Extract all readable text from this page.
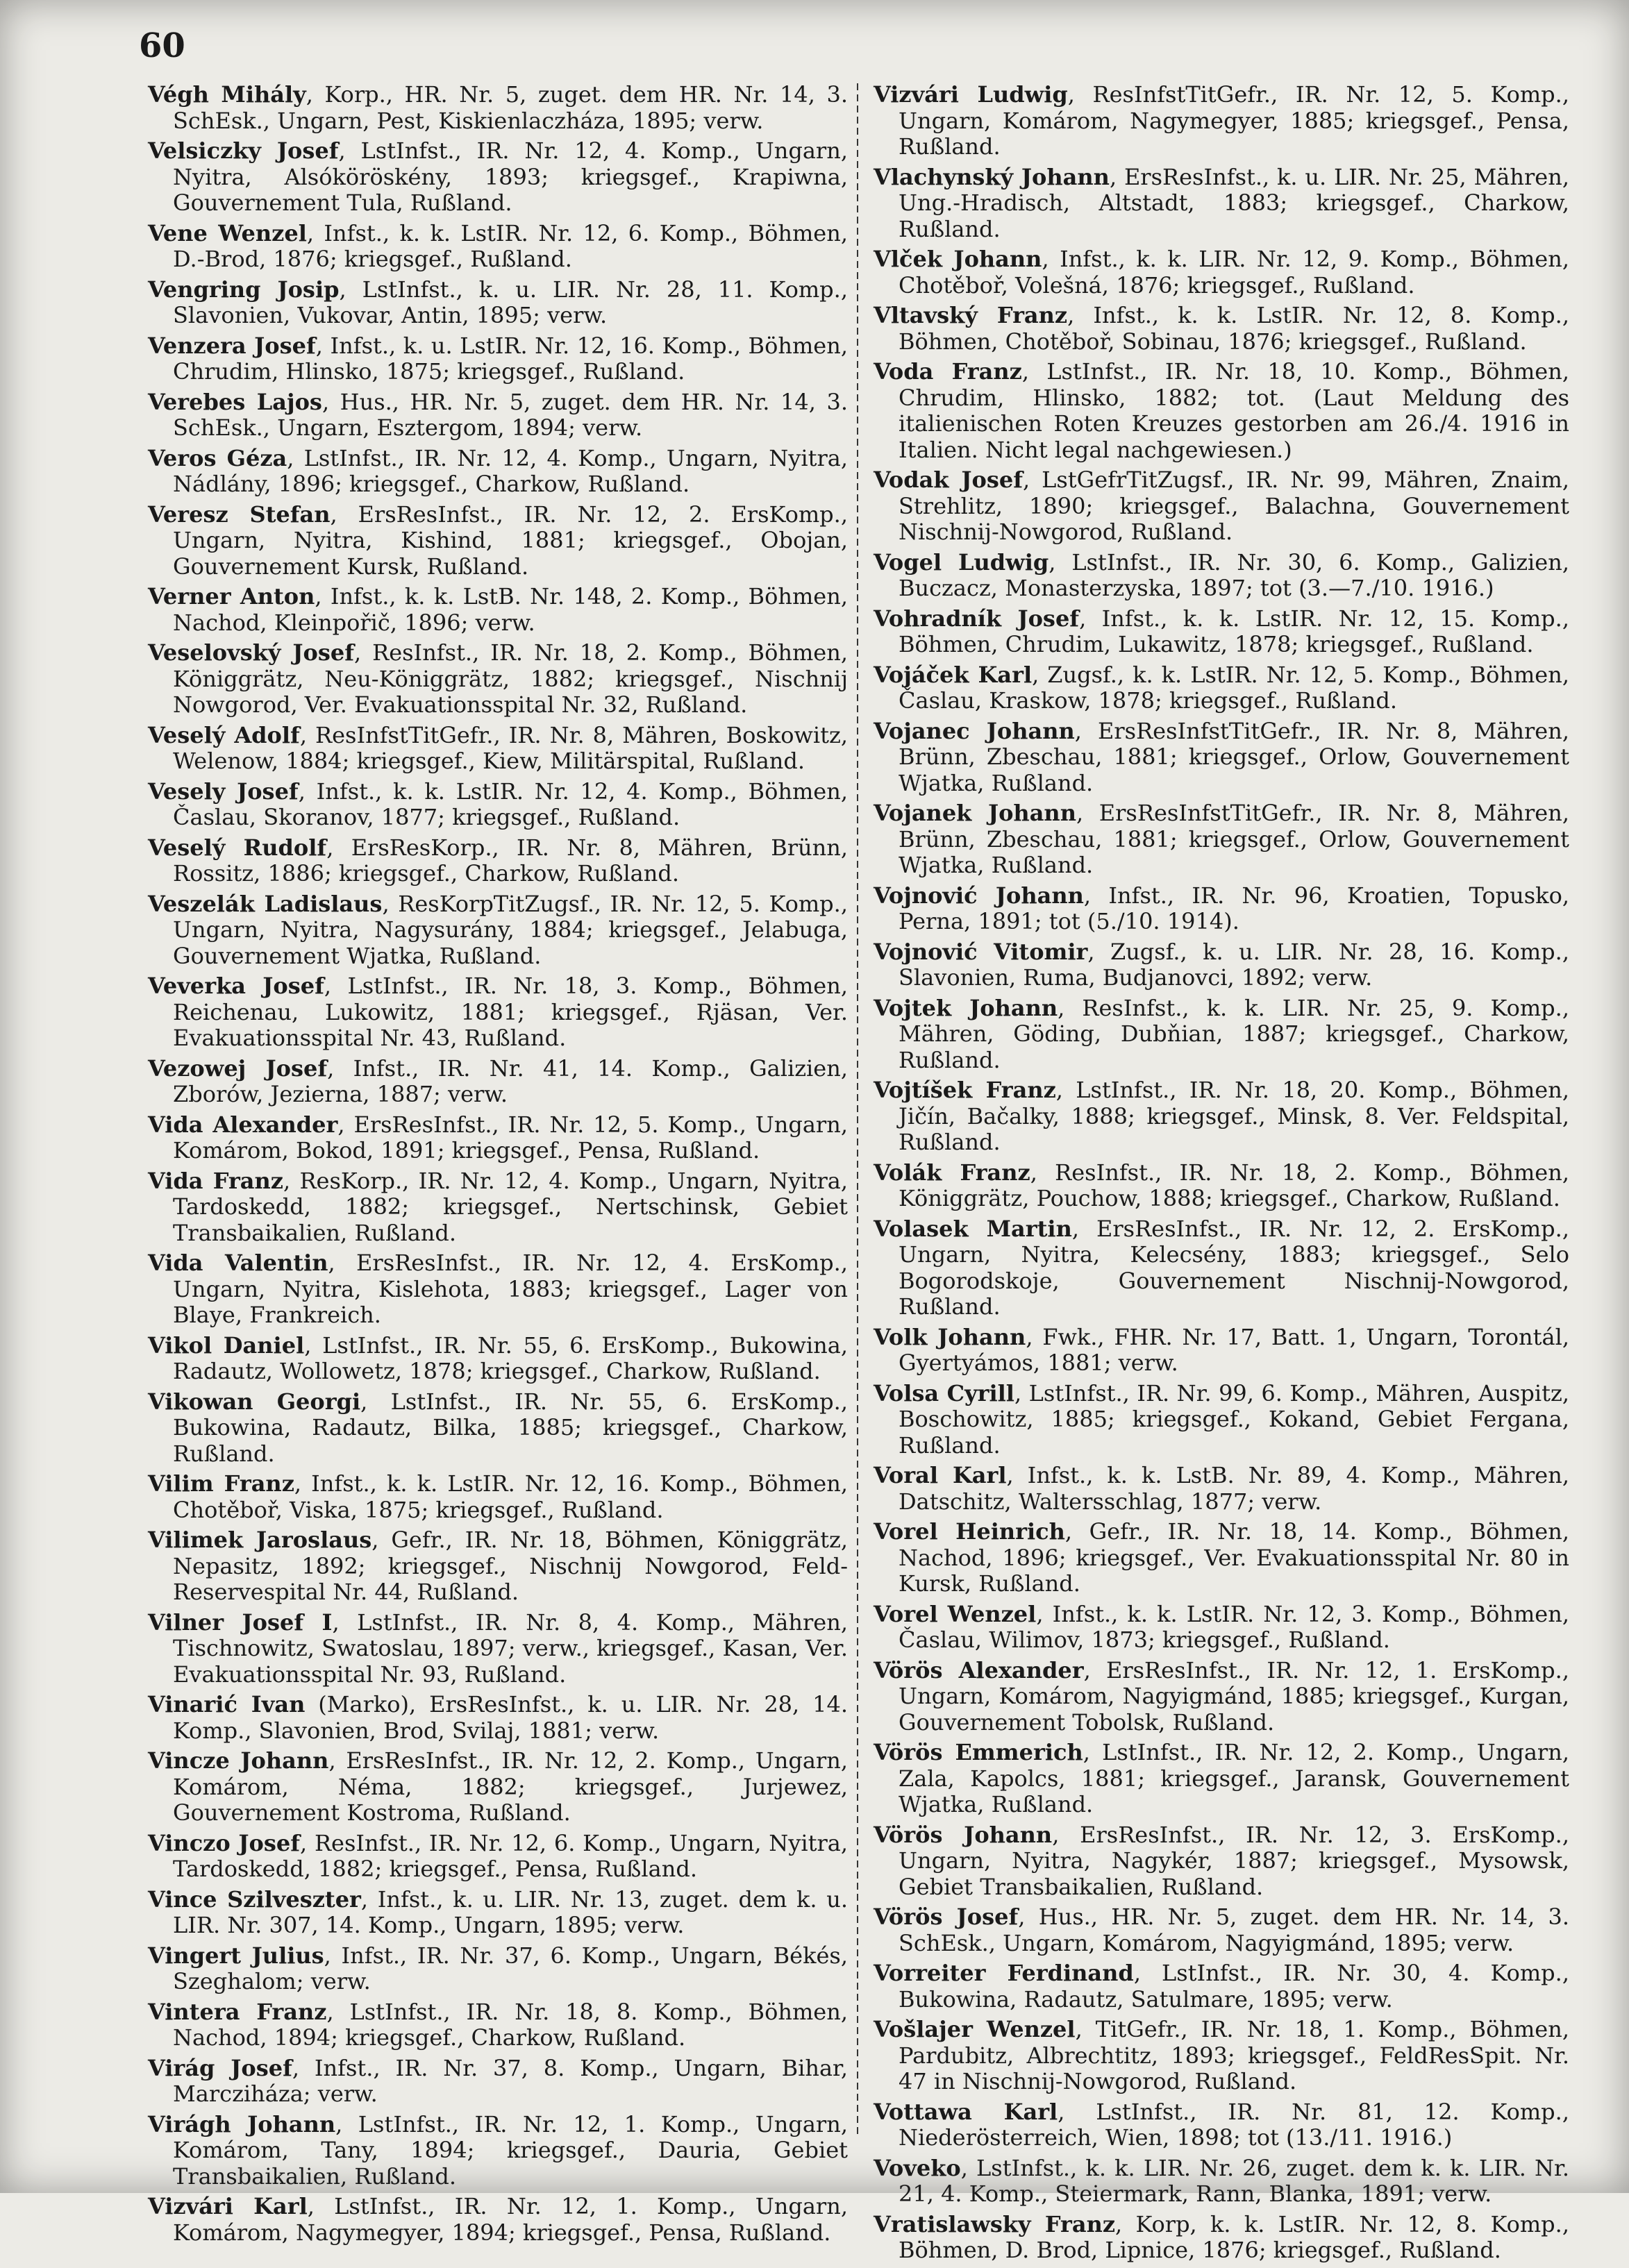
60

Végh Mihály, Korp., HR. Nr. 5, zuget. dem HR. Nr. 14, 3. SchEsk., Ungarn, Pest, Kiskienlaczháza, 1895; verw.

Velsiczky Josef, LstInfst., IR. Nr. 12, 4. Komp., Ungarn, Nyitra, Alsóköröskény, 1893; kriegsgef., Krapiwna, Gouvernement Tula, Rußland.

Vene Wenzel, Infst., k. k. LstIR. Nr. 12, 6. Komp., Böhmen, D.-Brod, 1876; kriegsgef., Rußland.

Vengring Josip, LstInfst., k. u. LIR. Nr. 28, 11. Komp., Slavonien, Vukovar, Antin, 1895; verw.

Venzera Josef, Infst., k. u. LstIR. Nr. 12, 16. Komp., Böhmen, Chrudim, Hlinsko, 1875; kriegsgef., Rußland.

Verebes Lajos, Hus., HR. Nr. 5, zuget. dem HR. Nr. 14, 3. SchEsk., Ungarn, Esztergom, 1894; verw.

Veros Géza, LstInfst., IR. Nr. 12, 4. Komp., Ungarn, Nyitra, Nádlány, 1896; kriegsgef., Charkow, Rußland.

Veresz Stefan, ErsResInfst., IR. Nr. 12, 2. ErsKomp., Ungarn, Nyitra, Kishind, 1881; kriegsgef., Obojan, Gouvernement Kursk, Rußland.

Verner Anton, Infst., k. k. LstB. Nr. 148, 2. Komp., Böhmen, Nachod, Kleinpořič, 1896; verw.

Veselovský Josef, ResInfst., IR. Nr. 18, 2. Komp., Böhmen, Königgrätz, Neu-Königgrätz, 1882; kriegsgef., Nischnij Nowgorod, Ver. Evakuationsspital Nr. 32, Rußland.

Veselý Adolf, ResInfstTitGefr., IR. Nr. 8, Mähren, Boskowitz, Welenow, 1884; kriegsgef., Kiew, Militärspital, Rußland.

Vesely Josef, Infst., k. k. LstIR. Nr. 12, 4. Komp., Böhmen, Časlau, Skoranov, 1877; kriegsgef., Rußland.

Veselý Rudolf, ErsResKorp., IR. Nr. 8, Mähren, Brünn, Rossitz, 1886; kriegsgef., Charkow, Rußland.

Veszelák Ladislaus, ResKorpTitZugsf., IR. Nr. 12, 5. Komp., Ungarn, Nyitra, Nagysurány, 1884; kriegsgef., Jelabuga, Gouvernement Wjatka, Rußland.

Veverka Josef, LstInfst., IR. Nr. 18, 3. Komp., Böhmen, Reichenau, Lukowitz, 1881; kriegsgef., Rjäsan, Ver. Evakuationsspital Nr. 43, Rußland.

Vezowej Josef, Infst., IR. Nr. 41, 14. Komp., Galizien, Zborów, Jezierna, 1887; verw.

Vida Alexander, ErsResInfst., IR. Nr. 12, 5. Komp., Ungarn, Komárom, Bokod, 1891; kriegsgef., Pensa, Rußland.

Vida Franz, ResKorp., IR. Nr. 12, 4. Komp., Ungarn, Nyitra, Tardoskedd, 1882; kriegsgef., Nertschinsk, Gebiet Transbaikalien, Rußland.

Vida Valentin, ErsResInfst., IR. Nr. 12, 4. ErsKomp., Ungarn, Nyitra, Kislehota, 1883; kriegsgef., Lager von Blaye, Frankreich.

Vikol Daniel, LstInfst., IR. Nr. 55, 6. ErsKomp., Bukowina, Radautz, Wollowetz, 1878; kriegsgef., Charkow, Rußland.

Vikowan Georgi, LstInfst., IR. Nr. 55, 6. ErsKomp., Bukowina, Radautz, Bilka, 1885; kriegsgef., Charkow, Rußland.

Vilim Franz, Infst., k. k. LstIR. Nr. 12, 16. Komp., Böhmen, Chotěboř, Viska, 1875; kriegsgef., Rußland.

Vilimek Jaroslaus, Gefr., IR. Nr. 18, Böhmen, Königgrätz, Nepasitz, 1892; kriegsgef., Nischnij Nowgorod, Feld-Reservespital Nr. 44, Rußland.

Vilner Josef I, LstInfst., IR. Nr. 8, 4. Komp., Mähren, Tischnowitz, Swatoslau, 1897; verw., kriegsgef., Kasan, Ver. Evakuationsspital Nr. 93, Rußland.

Vinarić Ivan (Marko), ErsResInfst., k. u. LIR. Nr. 28, 14. Komp., Slavonien, Brod, Svilaj, 1881; verw.

Vincze Johann, ErsResInfst., IR. Nr. 12, 2. Komp., Ungarn, Komárom, Néma, 1882; kriegsgef., Jurjewez, Gouvernement Kostroma, Rußland.

Vinczo Josef, ResInfst., IR. Nr. 12, 6. Komp., Ungarn, Nyitra, Tardoskedd, 1882; kriegsgef., Pensa, Rußland.

Vince Szilveszter, Infst., k. u. LIR. Nr. 13, zuget. dem k. u. LIR. Nr. 307, 14. Komp., Ungarn, 1895; verw.

Vingert Julius, Infst., IR. Nr. 37, 6. Komp., Ungarn, Békés, Szeghalom; verw.

Vintera Franz, LstInfst., IR. Nr. 18, 8. Komp., Böhmen, Nachod, 1894; kriegsgef., Charkow, Rußland.

Virág Josef, Infst., IR. Nr. 37, 8. Komp., Ungarn, Bihar, Marcziháza; verw.

Virágh Johann, LstInfst., IR. Nr. 12, 1. Komp., Ungarn, Komárom, Tany, 1894; kriegsgef., Dauria, Gebiet Transbaikalien, Rußland.

Vizvári Karl, LstInfst., IR. Nr. 12, 1. Komp., Ungarn, Komárom, Nagymegyer, 1894; kriegsgef., Pensa, Rußland.

Vizvári Ludwig, ResInfstTitGefr., IR. Nr. 12, 5. Komp., Ungarn, Komárom, Nagymegyer, 1885; kriegsgef., Pensa, Rußland.

Vlachynský Johann, ErsResInfst., k. u. LIR. Nr. 25, Mähren, Ung.-Hradisch, Altstadt, 1883; kriegsgef., Charkow, Rußland.

Vlček Johann, Infst., k. k. LIR. Nr. 12, 9. Komp., Böhmen, Chotěboř, Volešná, 1876; kriegsgef., Rußland.

Vltavský Franz, Infst., k. k. LstIR. Nr. 12, 8. Komp., Böhmen, Chotěboř, Sobinau, 1876; kriegsgef., Rußland.

Voda Franz, LstInfst., IR. Nr. 18, 10. Komp., Böhmen, Chrudim, Hlinsko, 1882; tot. (Laut Meldung des italienischen Roten Kreuzes gestorben am 26./4. 1916 in Italien. Nicht legal nachgewiesen.)

Vodak Josef, LstGefrTitZugsf., IR. Nr. 99, Mähren, Znaim, Strehlitz, 1890; kriegsgef., Balachna, Gouvernement Nischnij-Nowgorod, Rußland.

Vogel Ludwig, LstInfst., IR. Nr. 30, 6. Komp., Galizien, Buczacz, Monasterzyska, 1897; tot (3.—7./10. 1916.)

Vohradník Josef, Infst., k. k. LstIR. Nr. 12, 15. Komp., Böhmen, Chrudim, Lukawitz, 1878; kriegsgef., Rußland.

Vojáček Karl, Zugsf., k. k. LstIR. Nr. 12, 5. Komp., Böhmen, Časlau, Kraskow, 1878; kriegsgef., Rußland.

Vojanec Johann, ErsResInfstTitGefr., IR. Nr. 8, Mähren, Brünn, Zbeschau, 1881; kriegsgef., Orlow, Gouvernement Wjatka, Rußland.

Vojanek Johann, ErsResInfstTitGefr., IR. Nr. 8, Mähren, Brünn, Zbeschau, 1881; kriegsgef., Orlow, Gouvernement Wjatka, Rußland.

Vojnović Johann, Infst., IR. Nr. 96, Kroatien, Topusko, Perna, 1891; tot (5./10. 1914).

Vojnović Vitomir, Zugsf., k. u. LIR. Nr. 28, 16. Komp., Slavonien, Ruma, Budjanovci, 1892; verw.

Vojtek Johann, ResInfst., k. k. LIR. Nr. 25, 9. Komp., Mähren, Göding, Dubňian, 1887; kriegsgef., Charkow, Rußland.

Vojtíšek Franz, LstInfst., IR. Nr. 18, 20. Komp., Böhmen, Jičín, Bačalky, 1888; kriegsgef., Minsk, 8. Ver. Feldspital, Rußland.

Volák Franz, ResInfst., IR. Nr. 18, 2. Komp., Böhmen, Königgrätz, Pouchow, 1888; kriegsgef., Charkow, Rußland.

Volasek Martin, ErsResInfst., IR. Nr. 12, 2. ErsKomp., Ungarn, Nyitra, Kelecsény, 1883; kriegsgef., Selo Bogorodskoje, Gouvernement Nischnij-Nowgorod, Rußland.

Volk Johann, Fwk., FHR. Nr. 17, Batt. 1, Ungarn, Torontál, Gyertyámos, 1881; verw.

Volsa Cyrill, LstInfst., IR. Nr. 99, 6. Komp., Mähren, Auspitz, Boschowitz, 1885; kriegsgef., Kokand, Gebiet Fergana, Rußland.

Voral Karl, Infst., k. k. LstB. Nr. 89, 4. Komp., Mähren, Datschitz, Waltersschlag, 1877; verw.

Vorel Heinrich, Gefr., IR. Nr. 18, 14. Komp., Böhmen, Nachod, 1896; kriegsgef., Ver. Evakuationsspital Nr. 80 in Kursk, Rußland.

Vorel Wenzel, Infst., k. k. LstIR. Nr. 12, 3. Komp., Böhmen, Časlau, Wilimov, 1873; kriegsgef., Rußland.

Vörös Alexander, ErsResInfst., IR. Nr. 12, 1. ErsKomp., Ungarn, Komárom, Nagyigmánd, 1885; kriegsgef., Kurgan, Gouvernement Tobolsk, Rußland.

Vörös Emmerich, LstInfst., IR. Nr. 12, 2. Komp., Ungarn, Zala, Kapolcs, 1881; kriegsgef., Jaransk, Gouvernement Wjatka, Rußland.

Vörös Johann, ErsResInfst., IR. Nr. 12, 3. ErsKomp., Ungarn, Nyitra, Nagykér, 1887; kriegsgef., Mysowsk, Gebiet Transbaikalien, Rußland.

Vörös Josef, Hus., HR. Nr. 5, zuget. dem HR. Nr. 14, 3. SchEsk., Ungarn, Komárom, Nagyigmánd, 1895; verw.

Vorreiter Ferdinand, LstInfst., IR. Nr. 30, 4. Komp., Bukowina, Radautz, Satulmare, 1895; verw.

Vošlajer Wenzel, TitGefr., IR. Nr. 18, 1. Komp., Böhmen, Pardubitz, Albrechtitz, 1893; kriegsgef., FeldResSpit. Nr. 47 in Nischnij-Nowgorod, Rußland.

Vottawa Karl, LstInfst., IR. Nr. 81, 12. Komp., Niederösterreich, Wien, 1898; tot (13./11. 1916.)

Voveko, LstInfst., k. k. LIR. Nr. 26, zuget. dem k. k. LIR. Nr. 21, 4. Komp., Steiermark, Rann, Blanka, 1891; verw.

Vratislawsky Franz, Korp, k. k. LstIR. Nr. 12, 8. Komp., Böhmen, D. Brod, Lipnice, 1876; kriegsgef., Rußland.
